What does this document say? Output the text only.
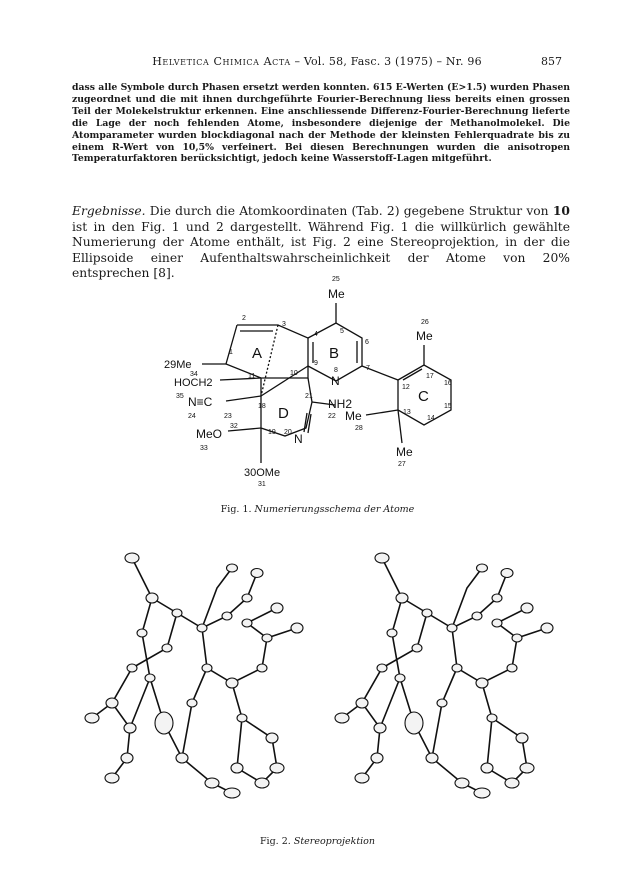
Helvetica Chimica Acta – Vol. 58, Fasc. 3 (1975) – Nr. 96	857
dass alle Symbole durch Phasen ersetzt werden konnten. 615 E-Werten (E>1.5) wurden Phasen zugeordnet und die mit ihnen durchgeführte Fourier-Berechnung liess bereits einen grossen Teil der Molekelstruktur erkennen. Eine anschliessende Differenz-Fourier-Berechnung lieferte die Lage der noch fehlenden Atome, insbesondere diejenige der Methanolmolekel. Die Atomparameter wurden blockdiagonal nach der Methode der kleinsten Fehlerquadrate bis zu einem R-Wert von 10,5% verfeinert. Bei diesen Berechnungen wurden die anisotropen Temperaturfaktoren berücksichtigt, jedoch keine Wasserstoff-Lagen mitgeführt.
Ergebnisse. Die durch die Atomkoordinaten (Tab. 2) gegebene Struktur von 10 ist in den Fig. 1 und 2 dargestellt. Während Fig. 1 die willkürlich gewählte Numerierung der Atome enthält, ist Fig. 2 eine Stereoprojektion, in der die Ellipsoide einer Aufenthaltswahrscheinlichkeit der Atome von 20% entsprechen [8].
A	B
C
D
25
Me
26
Me
29Me
34
HOCH2
35 N≡C
24	23
32
MeO
33
NH2
22 Me
28
N
N
Me
27
30OMe
31
1
2
3
4	5
6
7
8
9
10
11
12
13
14
15
16
17
18
19 20
21
Fig. 1. Numerierungsschema der Atome
Fig. 2. Stereoprojektion
